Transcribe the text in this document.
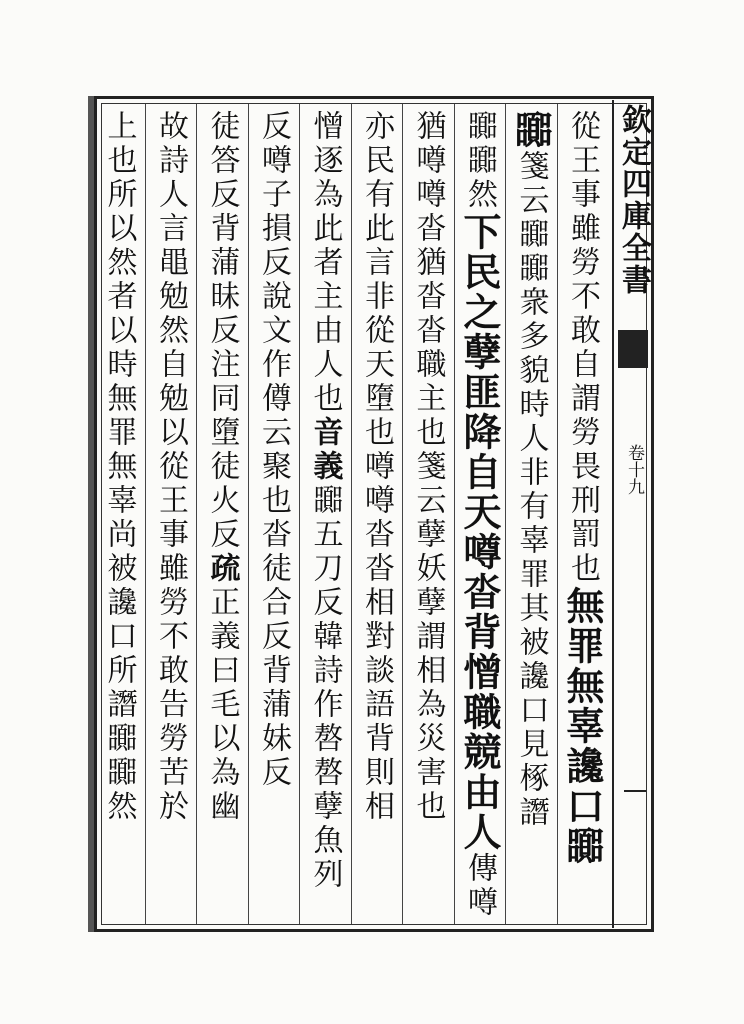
欽定四庫全書
卷十九
從王事雖勞不敢自謂勞畏刑罰也無罪無辜讒口嚻
嚻箋云嚻嚻衆多貌時人非有辜罪其被讒口見椓譖
嚻嚻然下民之孽匪降自天噂沓背憎職競由人傳噂
猶噂噂沓猶沓沓職主也箋云孽妖孽謂相為災害也
亦民有此言非從天墮也噂噂沓沓相對談語背則相
憎逐為此者主由人也音義嚻五刀反韓詩作嗸嗸孽魚列
反噂子損反說文作僔云聚也沓徒合反背蒲妹反
徒答反背蒲昧反注同墮徒火反疏正義曰毛以為幽
故詩人言黽勉然自勉以從王事雖勞不敢告勞苦於
上也所以然者以時無罪無辜尚被讒口所譖嚻嚻然
